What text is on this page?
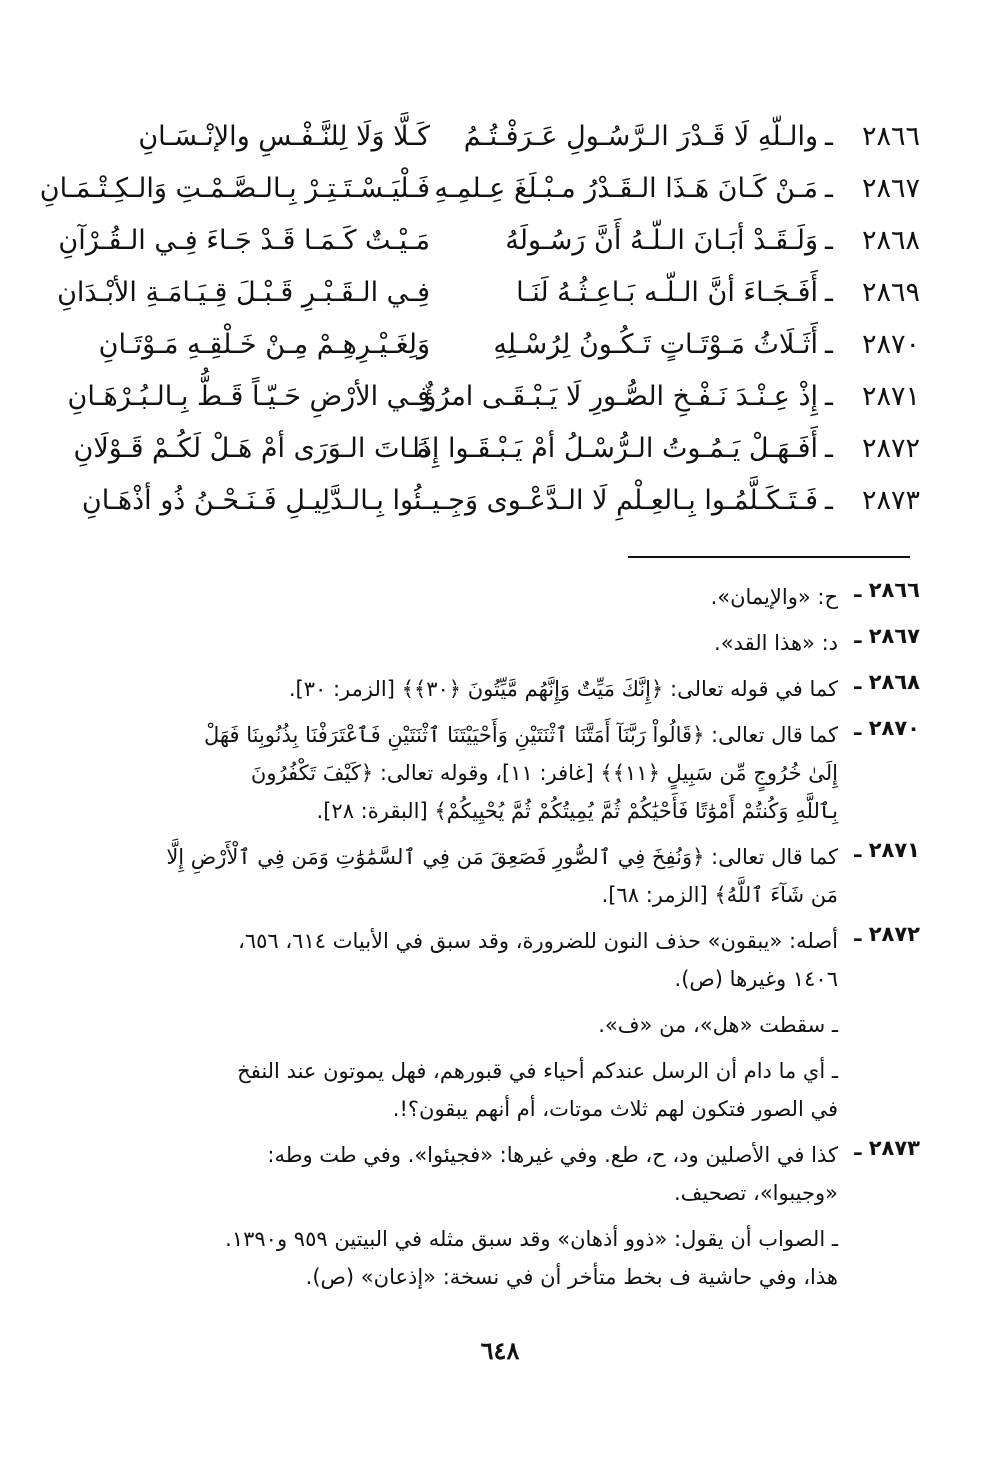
٢٨٦٦
ـ
والـلّهِ لَا قَـدْرَ الـرَّسُـولِ عَـرَفْـتُـمُ
كَـلَّا وَلَا لِلنَّـفْـسِ والإنْـسَـانِ
٢٨٦٧
ـ
مَـنْ كَـانَ هَـذَا الـقَـدْرُ مـبْـلَغَ عِـلمِـهِ
فَـلْيَـسْـتَـتِـرْ بِـالـصَّـمْـتِ وَالـكِـتْـمَـانِ
٢٨٦٨
ـ
وَلَـقَـدْ أبَـانَ الـلّـهُ أَنَّ رَسُـولَهُ
مَـيْـتٌ كَـمَـا قَـدْ جَـاءَ فِـي الـقُـرْآنِ
٢٨٦٩
ـ
أَفَـجَـاءَ أنَّ الـلّـه بَـاعِـثُـهُ لَنَـا
فِـي الـقَـبْـرِ قَـبْـلَ قِـيَـامَـةِ الأبْـدَانِ
٢٨٧٠
ـ
أَثَـلَاثُ مَـوْتَـاتٍ تَـكُـونُ لِرُسْـلِهِ
وَلِغَـيْـرِهِـمْ مِـنْ خَـلْقِـهِ مَـوْتَـانِ
٢٨٧١
ـ
إِذْ عِـنْـدَ نَـفْـخِ الصُّـورِ لَا يَـبْـقَـى امرُؤٌ
فِـي الأرْضِ حَـيّـاً قَـطُّ بِـالـبُـرْهَـانِ
٢٨٧٢
ـ
أَفَـهَـلْ يَـمُـوتُ الـرُّسْـلُ أمْ يَـبْـقَـوا إِذَا
مَـاتَ الـوَرَى أمْ هَـلْ لَكُـمْ قَـوْلَانِ
٢٨٧٣
ـ
فَـتَـكَـلَّمُـوا بِـالعِـلْمِ لَا الـدَّعْـوى وَجِـيـ
ـئُوا بِـالـدَّلِيـلِ فَـنَـحْـنُ ذُو أذْهَـانِ
٢٨٦٦ ـ
ح: «والإيمان».
٢٨٦٧ ـ
د: «هذا القد».
٢٨٦٨ ـ
كما في قوله تعالى: ﴿إِنَّكَ مَيِّتٌ وَإِنَّهُم مَّيِّتُونَ ﴿٣٠﴾﴾ [الزمر: ٣٠].
٢٨٧٠ ـ
كما قال تعالى: ﴿قَالُواْ رَبَّنَآ أَمَتَّنَا ٱثْنَتَيْنِ وَأَحْيَيْتَنَا ٱثْنَتَيْنِ فَٱعْتَرَفْنَا بِذُنُوبِنَا فَهَلْ
إِلَىٰ خُرُوجٍ مِّن سَبِيلٍ ﴿١١﴾﴾ [غافر: ١١]، وقوله تعالى: ﴿كَيْفَ تَكْفُرُونَ
بِٱللَّهِ وَكُنتُمْ أَمْوَٰتًا فَأَحْيَٰكُمْ ثُمَّ يُمِيتُكُمْ ثُمَّ يُحْيِيكُمْ﴾ [البقرة: ٢٨].
٢٨٧١ ـ
كما قال تعالى: ﴿وَنُفِخَ فِي ٱلصُّورِ فَصَعِقَ مَن فِي ٱلسَّمَٰوَٰتِ وَمَن فِي ٱلْأَرْضِ إِلَّا
مَن شَآءَ ٱللَّهُ﴾ [الزمر: ٦٨].
٢٨٧٢ ـ
أصله: «يبقون» حذف النون للضرورة، وقد سبق في الأبيات ٦١٤، ٦٥٦،
١٤٠٦ وغيرها (ص).
ـ سقطت «هل»، من «ف».
ـ أي ما دام أن الرسل عندكم أحياء في قبورهم، فهل يموتون عند النفخ
في الصور فتكون لهم ثلاث موتات، أم أنهم يبقون؟!.
٢٨٧٣ ـ
كذا في الأصلين ود، ح، طع. وفي غيرها: «فجيئوا». وفي طت وطه:
«وجيبوا»، تصحيف.
ـ الصواب أن يقول: «ذوو أذهان» وقد سبق مثله في البيتين ٩٥٩ و١٣٩٠.
هذا، وفي حاشية ف بخط متأخر أن في نسخة: «إذعان» (ص).
٦٤٨
